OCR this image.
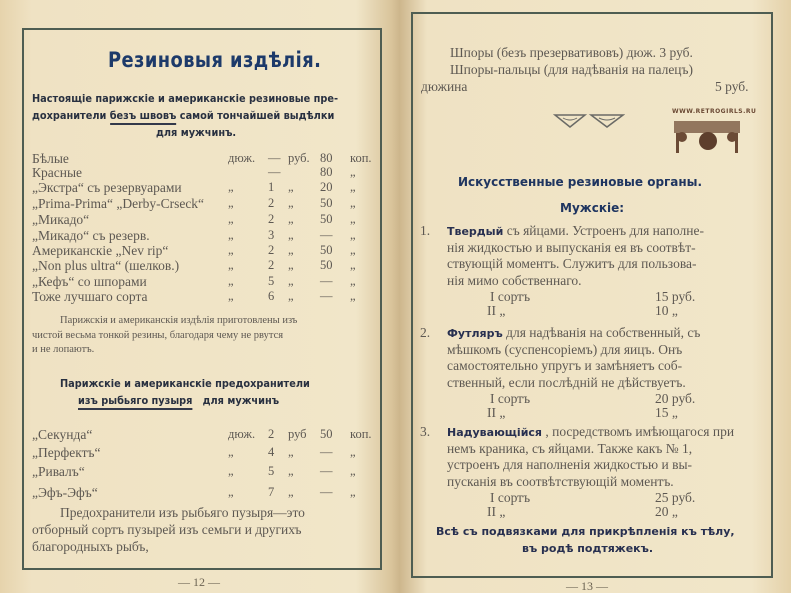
Резиновыя издѣлія.
Настоящіе парижскіе и американскіе резиновые пре-
дохранители безъ швовъ самой тончайшей выдѣлки
для мужчинъ.
Бѣлые	дюж. — руб. 80 коп.
Красные	—	80 „
„Экстра“ съ резервуарами	„	1 „ 20 „
„Prima-Prima“ „Derby-Crseck“ „	2 „ 50 „
„Микадо“	„	2 „ 50 „
„Микадо“ съ резерв.	„	3 „ — „
Американскіе „Nev rip“	„	2 „ 50 „
„Non plus ultra“ (шелков.)	„	2 „ 50 „
„Кефъ“ со шпорами	„	5 „ — „
Тоже лучшаго сорта	„	6 „ — „
Парижскія и американскія издѣлія приготовлены изъ
чистой весьма тонкой резины, благодаря чему не рвутся
и не лопаютъ.
Парижскіе и американскіе предохранители
изъ рыбьяго пузыря для мужчинъ
„Секунда“	дюж. 2 руб 50 коп.
„Перфектъ“	„	4 „ — „
„Ривалъ“	„	5 „ — „
„Эфъ-Эфъ“	„	7 „ — „
Предохранители изъ рыбьяго пузыря—это
отборный сортъ пузырей изъ семьги и другихъ
благородныхъ рыбъ,
— 12 —
Шпоры (безъ презервативовъ) дюж. 3 руб.
Шпоры-пальцы (для надѣванія на палецъ)
дюжина	5 руб.
WWW.RETROGIRLS.RU
Искусственные резиновые органы.
Мужскіе:
1. Твердый съ яйцами. Устроенъ для наполне-
нія жидкостью и выпусканія ея въ соотвѣт-
ствующій моментъ. Служитъ для пользова-
нія мимо собственнаго.
I сортъ	15 руб.
II „	10 „
2. Футляръ для надѣванія на собственный, съ
мѣшкомъ (суспенсоріемъ) для яицъ. Онъ
самостоятельно упругъ и замѣняетъ соб-
ственный, если послѣдній не дѣйствуетъ.
I сортъ	20 руб.
II „	15 „
3. Надувающійся , посредствомъ имѣющагося при
немъ краника, съ яйцами. Также какъ № 1,
устроенъ для наполненія жидкостью и вы-
пусканія въ соотвѣтствующій моментъ.
I сортъ	25 руб.
II „	20 „
Всѣ съ подвязками для прикрѣпленія къ тѣлу,
въ родѣ подтяжекъ.
— 13 —
